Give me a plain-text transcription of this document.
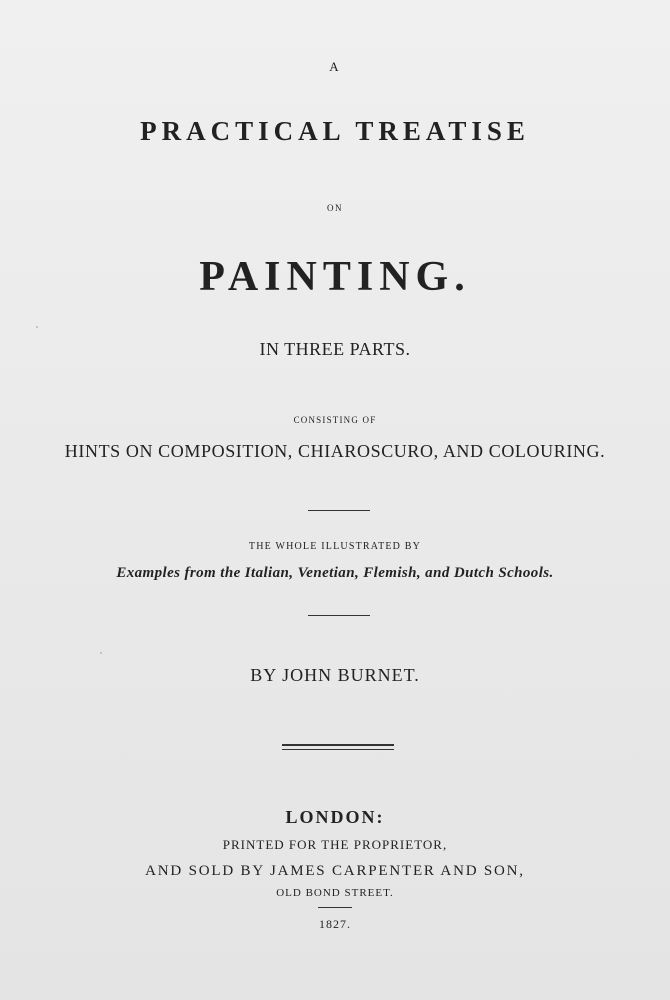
A
PRACTICAL TREATISE
ON
PAINTING.
IN THREE PARTS.
CONSISTING OF
HINTS ON COMPOSITION, CHIAROSCURO, AND COLOURING.
THE WHOLE ILLUSTRATED BY
Examples from the Italian, Venetian, Flemish, and Dutch Schools.
BY JOHN BURNET.
LONDON:
PRINTED FOR THE PROPRIETOR,
AND SOLD BY JAMES CARPENTER AND SON,
OLD BOND STREET.
1827.
